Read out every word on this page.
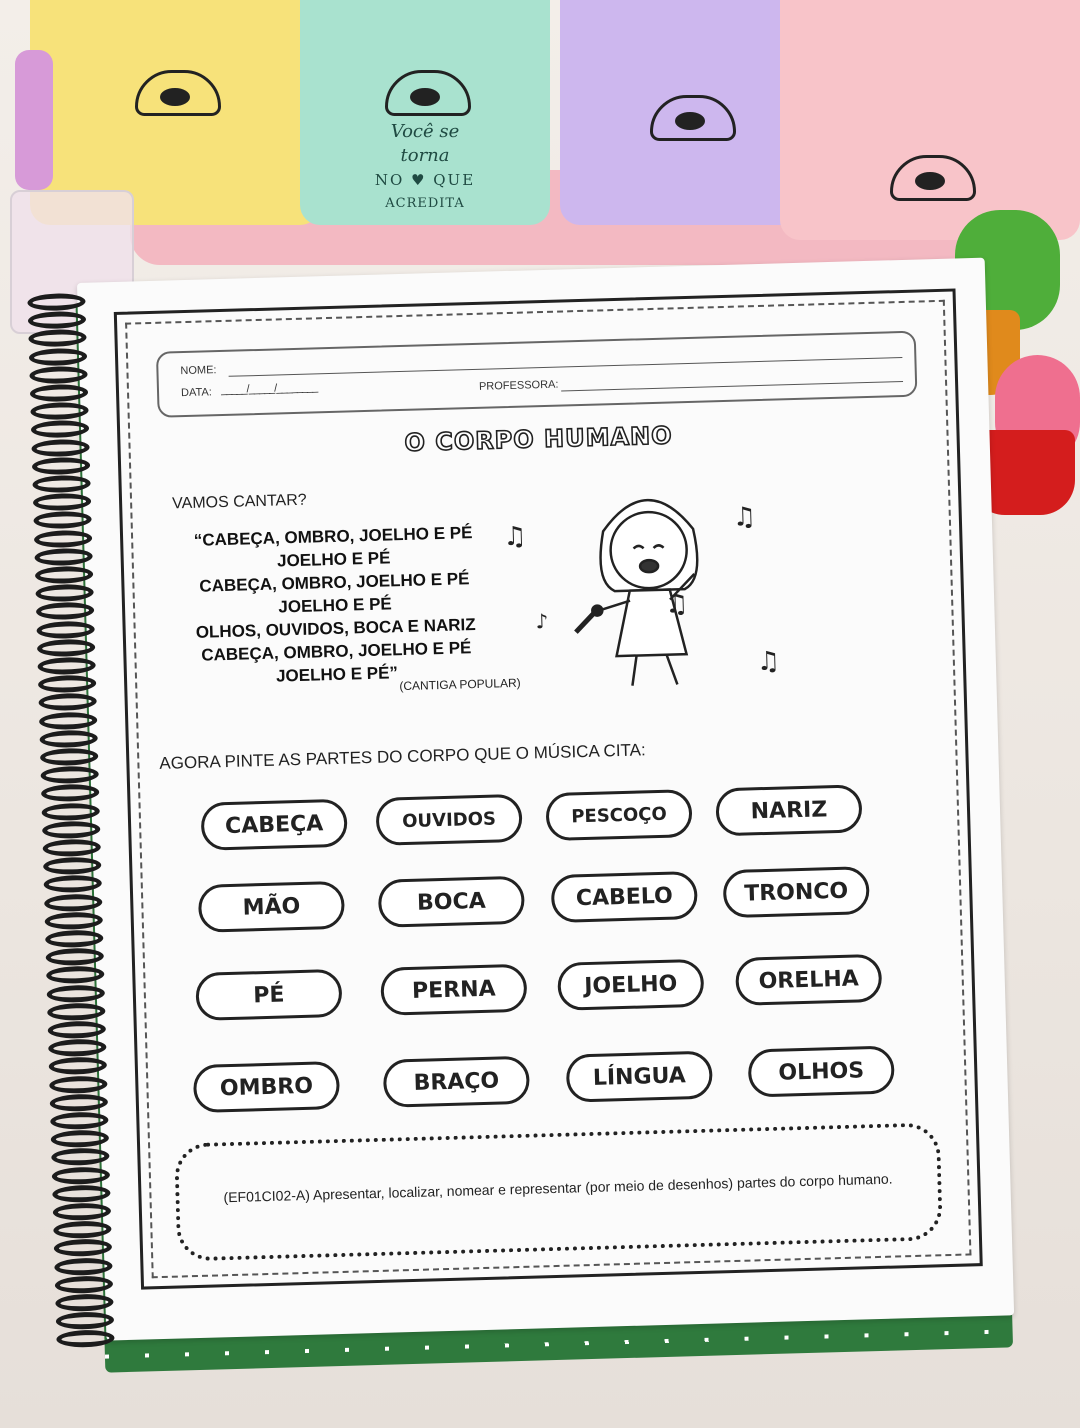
Você se
torna
NO ♥ QUE
ACREDITA
NOME:
DATA: _____/_____/________	PROFESSORA:
O CORPO HUMANO
VAMOS CANTAR?
“CABEÇA, OMBRO, JOELHO E PÉ
JOELHO E PÉ
CABEÇA, OMBRO, JOELHO E PÉ
JOELHO E PÉ
OLHOS, OUVIDOS, BOCA E NARIZ
CABEÇA, OMBRO, JOELHO E PÉ
JOELHO E PÉ” (CANTIGA POPULAR)
♫
♫
♫
♪
♫
AGORA PINTE AS PARTES DO CORPO QUE O MÚSICA CITA:
CABEÇA	OUVIDOS	PESCOÇO	NARIZ
MÃO	BOCA	CABELO	TRONCO
PÉ	PERNA	JOELHO	ORELHA
OMBRO	BRAÇO	LÍNGUA	OLHOS
(EF01CI02-A) Apresentar, localizar, nomear e representar (por meio de desenhos) partes do corpo humano.
